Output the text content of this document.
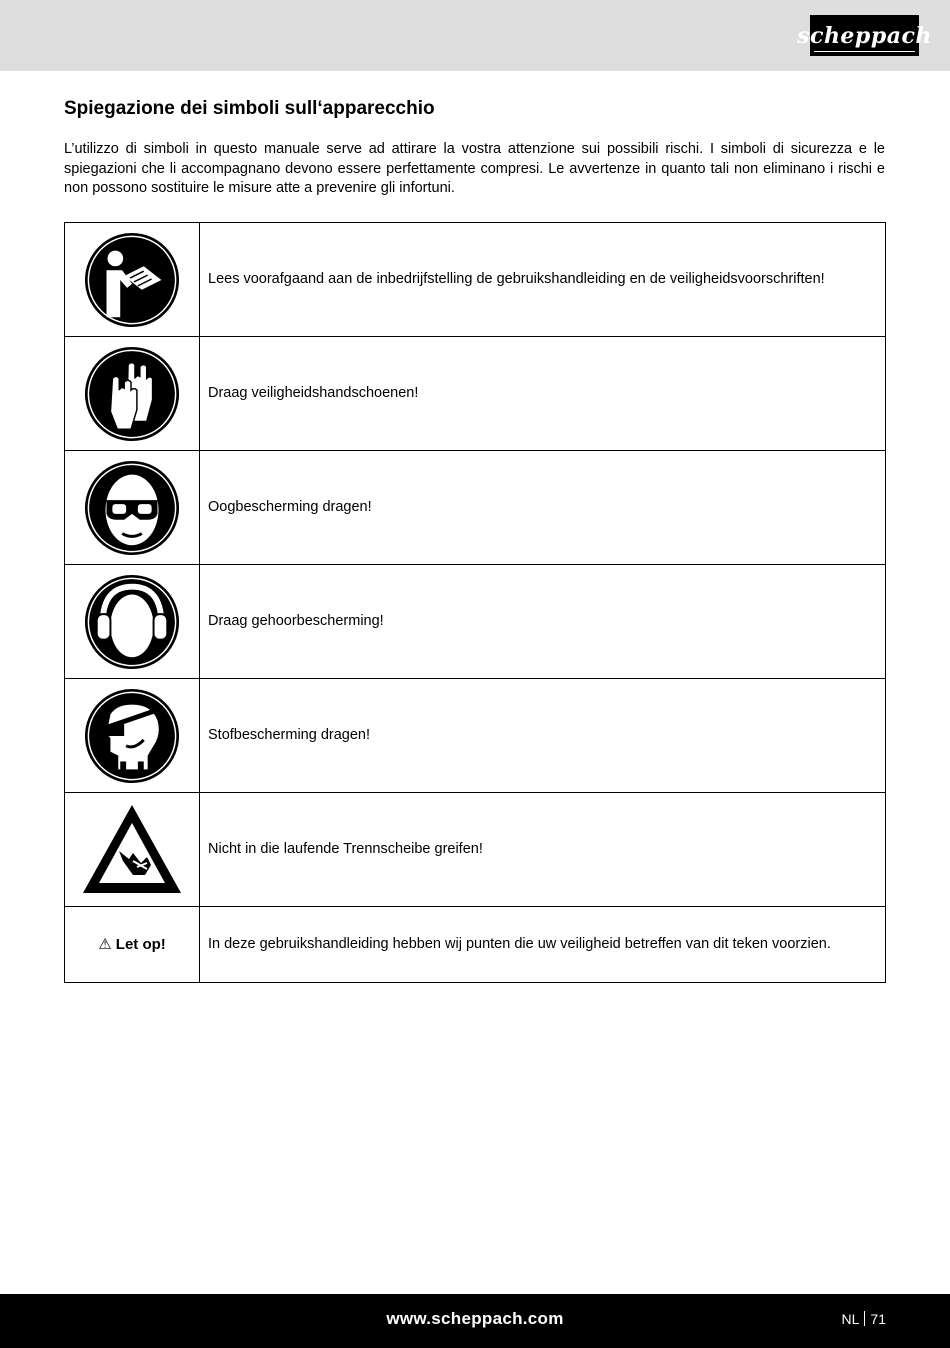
scheppach
Spiegazione dei simboli sull‘apparecchio

L’utilizzo di simboli in questo manuale serve ad attirare la vostra attenzione sui possibili rischi. I simboli di sicurezza e le spiegazioni che li accompagnano devono essere perfettamente compresi. Le avvertenze in quanto tali non eliminano i rischi e non possono sostituire le misure atte a prevenire gli infortuni.

	Lees voorafgaand aan de inbedrijfstelling de gebruikshandleiding en de veiligheidsvoorschriften!
	Draag veiligheidshandschoenen!
	Oogbescherming dragen!
	Draag gehoorbescherming!
	Stofbescherming dragen!
	Nicht in die laufende Trennscheibe greifen!
⚠ Let op!	In deze gebruikshandleiding hebben wij punten die uw veiligheid betreffen van dit teken voorzien.
www.scheppach.com	NL 71
